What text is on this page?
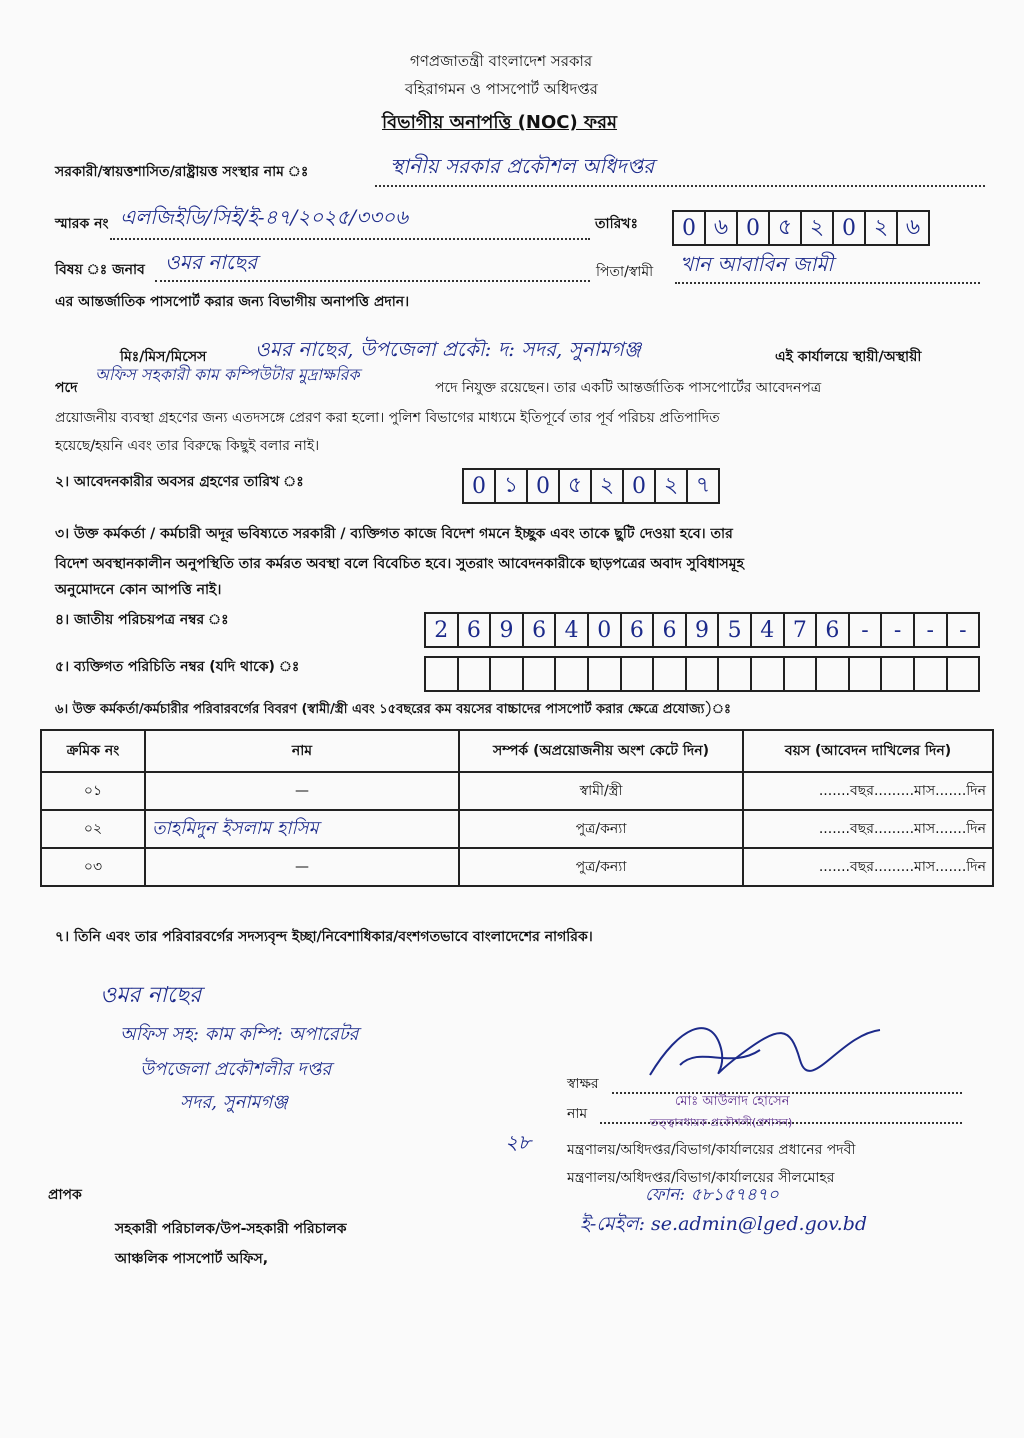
গণপ্রজাতন্ত্রী বাংলাদেশ সরকার
বহিরাগমন ও পাসপোর্ট অধিদপ্তর
বিভাগীয় অনাপত্তি (NOC) ফরম
সরকারী/স্বায়ত্তশাসিত/রাষ্ট্রায়ত্ত সংস্থার নাম ঃ	স্থানীয় সরকার প্রকৌশল অধিদপ্তর
স্মারক নং এলজিইডি/সিই/ই-৪৭/২০২৫/৩৩০৬	তারিখঃ	0 ৬ 0 ৫ ২ 0 ২ ৬
বিষয় ঃ জনাব ওমর নাছের	পিতা/স্বামী খান আবাবিন জামী
এর আন্তর্জাতিক পাসপোর্ট করার জন্য বিভাগীয় অনাপত্তি প্রদান।
মিঃ/মিস/মিসেস ওমর নাছের, উপজেলা প্রকৌ: দ: সদর, সুনামগঞ্জ	এই কার্যালয়ে স্থায়ী/অস্থায়ী
পদে
অফিস সহকারী কাম কম্পিউটার মুদ্রাক্ষরিক
পদে নিযুক্ত রয়েছেন। তার একটি আন্তর্জাতিক পাসপোর্টের আবেদনপত্র
প্রয়োজনীয় ব্যবস্থা গ্রহণের জন্য এতদসঙ্গে প্রেরণ করা হলো। পুলিশ বিভাগের মাধ্যমে ইতিপূর্বে তার পূর্ব পরিচয় প্রতিপাদিত
হয়েছে/হয়নি এবং তার বিরুদ্ধে কিছুই বলার নাই।
২। আবেদনকারীর অবসর গ্রহণের তারিখ ঃ	0 ১ 0 ৫ ২ 0 ২ ৭
৩। উক্ত কর্মকর্তা / কর্মচারী অদূর ভবিষ্যতে সরকারী / ব্যক্তিগত কাজে বিদেশ গমনে ইচ্ছুক এবং তাকে ছুটি দেওয়া হবে। তার
বিদেশ অবস্থানকালীন অনুপস্থিতি তার কর্মরত অবস্থা বলে বিবেচিত হবে। সুতরাং আবেদনকারীকে ছাড়পত্রের অবাদ সুবিধাসমূহ
অনুমোদনে কোন আপত্তি নাই।
৪। জাতীয় পরিচয়পত্র নম্বর ঃ	2 6 9 6 4 0 6 6 9 5 4 7 6 -	-	-	-
৫। ব্যক্তিগত পরিচিতি নম্বর (যদি থাকে) ঃ
৬। উক্ত কর্মকর্তা/কর্মচারীর পরিবারবর্গের বিবরণ (স্বামী/স্ত্রী এবং ১৫বছরের কম বয়সের বাচ্চাদের পাসপোর্ট করার ক্ষেত্রে প্রযোজ্য)ঃ
ক্রমিক নং	নাম	সম্পর্ক (অপ্রয়োজনীয় অংশ কেটে দিন)	বয়স (আবেদন দাখিলের দিন)
০১	—	স্বামী/স্ত্রী	.......বছর.........মাস.......দিন
০২	তাহমিদুন ইসলাম হাসিম	পুত্র/কন্যা	.......বছর.........মাস.......দিন
০৩	—	পুত্র/কন্যা	.......বছর.........মাস.......দিন
৭। তিনি এবং তার পরিবারবর্গের সদস্যবৃন্দ ইচ্ছা/নিবেশাধিকার/বংশগতভাবে বাংলাদেশের নাগরিক।
ওমর নাছের
অফিস সহ: কাম কম্পি: অপারেটর
উপজেলা প্রকৌশলীর দপ্তর
সদর, সুনামগঞ্জ
স্বাক্ষর
মোঃ আউলাদ হোসেন
নাম
তত্ত্বাবধায়ক প্রকৌশলী(প্রশাসন)
২৮	মন্ত্রণালয়/অধিদপ্তর/বিভাগ/কার্যালয়ের প্রধানের পদবী
মন্ত্রণালয়/অধিদপ্তর/বিভাগ/কার্যালয়ের সীলমোহর
ফোন: ৫৮১৫৭৪৭০
ই-মেইল: se.admin@lged.gov.bd
প্রাপক
সহকারী পরিচালক/উপ-সহকারী পরিচালক
আঞ্চলিক পাসপোর্ট অফিস,
